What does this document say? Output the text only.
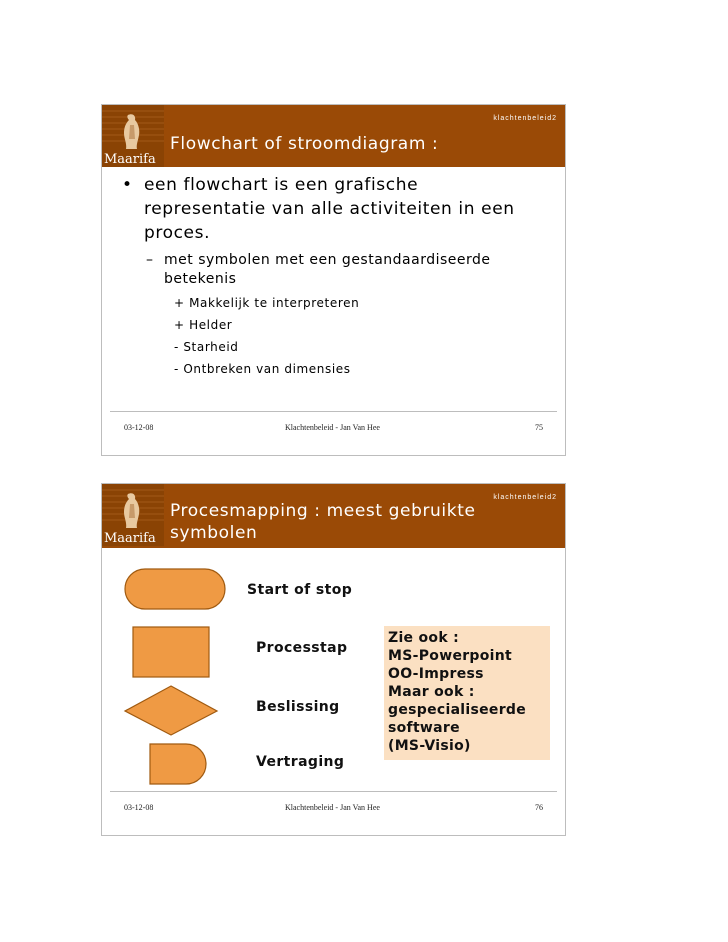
Maarifa
klachtenbeleid2
Flowchart of stroomdiagram :
• een flowchart is een grafische representatie van alle activiteiten in een proces.
– met symbolen met een gestandaardiseerde betekenis
+ Makkelijk te interpreteren
+ Helder
- Starheid
- Ontbreken van dimensies
03-12-08	Klachtenbeleid - Jan Van Hee	75
Maarifa
klachtenbeleid2
Procesmapping : meest gebruikte symbolen
Start of stop
Processtap
Beslissing
Vertraging
Zie ook :
MS-Powerpoint
OO-Impress
Maar ook :
gespecialiseerde
software
(MS-Visio)
03-12-08	Klachtenbeleid - Jan Van Hee	76
